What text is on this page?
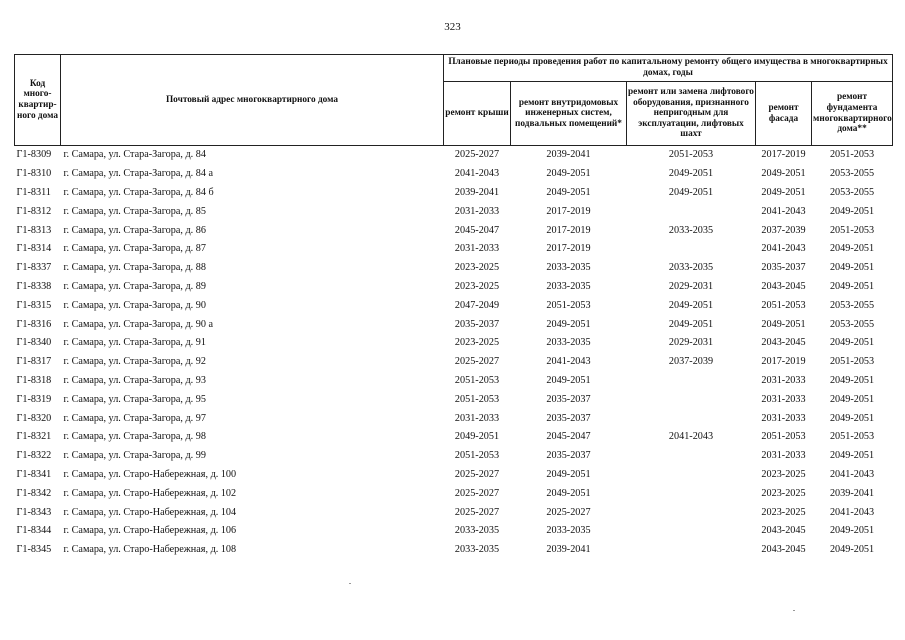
323
Код много-квартир-ного дома	Почтовый адрес многоквартирного дома	Плановые периоды проведения работ по капитальному ремонту общего имущества в многоквартирных домах, годы				
		ремонт крыши	ремонт внутридомовых инженерных систем, подвальных помещений*	ремонт или замена лифтового оборудования, признанного непригодным для эксплуатации, лифтовых шахт	ремонт фасада	ремонт фундамента многоквартирного дома**
Г1-8309	г. Самара, ул. Стара-Загора, д. 84	2025-2027	2039-2041	2051-2053	2017-2019	2051-2053
Г1-8310	г. Самара, ул. Стара-Загора, д. 84 а	2041-2043	2049-2051	2049-2051	2049-2051	2053-2055
Г1-8311	г. Самара, ул. Стара-Загора, д. 84 б	2039-2041	2049-2051	2049-2051	2049-2051	2053-2055
Г1-8312	г. Самара, ул. Стара-Загора, д. 85	2031-2033	2017-2019		2041-2043	2049-2051
Г1-8313	г. Самара, ул. Стара-Загора, д. 86	2045-2047	2017-2019	2033-2035	2037-2039	2051-2053
Г1-8314	г. Самара, ул. Стара-Загора, д. 87	2031-2033	2017-2019		2041-2043	2049-2051
Г1-8337	г. Самара, ул. Стара-Загора, д. 88	2023-2025	2033-2035	2033-2035	2035-2037	2049-2051
Г1-8338	г. Самара, ул. Стара-Загора, д. 89	2023-2025	2033-2035	2029-2031	2043-2045	2049-2051
Г1-8315	г. Самара, ул. Стара-Загора, д. 90	2047-2049	2051-2053	2049-2051	2051-2053	2053-2055
Г1-8316	г. Самара, ул. Стара-Загора, д. 90 а	2035-2037	2049-2051	2049-2051	2049-2051	2053-2055
Г1-8340	г. Самара, ул. Стара-Загора, д. 91	2023-2025	2033-2035	2029-2031	2043-2045	2049-2051
Г1-8317	г. Самара, ул. Стара-Загора, д. 92	2025-2027	2041-2043	2037-2039	2017-2019	2051-2053
Г1-8318	г. Самара, ул. Стара-Загора, д. 93	2051-2053	2049-2051		2031-2033	2049-2051
Г1-8319	г. Самара, ул. Стара-Загора, д. 95	2051-2053	2035-2037		2031-2033	2049-2051
Г1-8320	г. Самара, ул. Стара-Загора, д. 97	2031-2033	2035-2037		2031-2033	2049-2051
Г1-8321	г. Самара, ул. Стара-Загора, д. 98	2049-2051	2045-2047	2041-2043	2051-2053	2051-2053
Г1-8322	г. Самара, ул. Стара-Загора, д. 99	2051-2053	2035-2037		2031-2033	2049-2051
Г1-8341	г. Самара, ул. Старо-Набережная, д. 100	2025-2027	2049-2051		2023-2025	2041-2043
Г1-8342	г. Самара, ул. Старо-Набережная, д. 102	2025-2027	2049-2051		2023-2025	2039-2041
Г1-8343	г. Самара, ул. Старо-Набережная, д. 104	2025-2027	2025-2027		2023-2025	2041-2043
Г1-8344	г. Самара, ул. Старо-Набережная, д. 106	2033-2035	2033-2035		2043-2045	2049-2051
Г1-8345	г. Самара, ул. Старо-Набережная, д. 108	2033-2035	2039-2041		2043-2045	2049-2051
